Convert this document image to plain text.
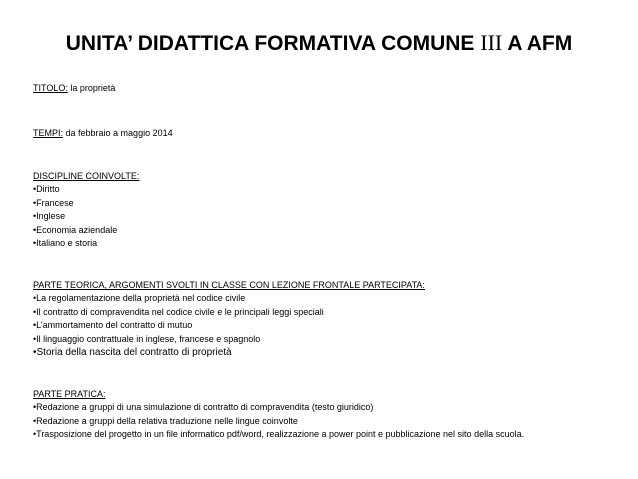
UNITA’ DIDATTICA FORMATIVA COMUNE III A AFM
TITOLO: la proprietà
TEMPI: da febbraio a maggio 2014
DISCIPLINE COINVOLTE:
•Diritto
•Francese
•Inglese
•Economia aziendale
•Italiano e storia
PARTE TEORICA, ARGOMENTI SVOLTI IN CLASSE CON LEZIONE FRONTALE PARTECIPATA:
•La regolamentazione della proprietà nel codice civile
•Il contratto di compravendita nel codice civile e le principali leggi speciali
•L’ammortamento del contratto di mutuo
•Il linguaggio contrattuale in inglese, francese e spagnolo
•Storia della nascita del contratto di proprietà
PARTE PRATICA:
•Redazione a gruppi di una simulazione di contratto di compravendita (testo giuridico)
•Redazione a gruppi della relativa traduzione nelle lingue coinvolte
•Trasposizione del progetto in un file informatico pdf/word, realizzazione a power point e pubblicazione nel sito della scuola.
